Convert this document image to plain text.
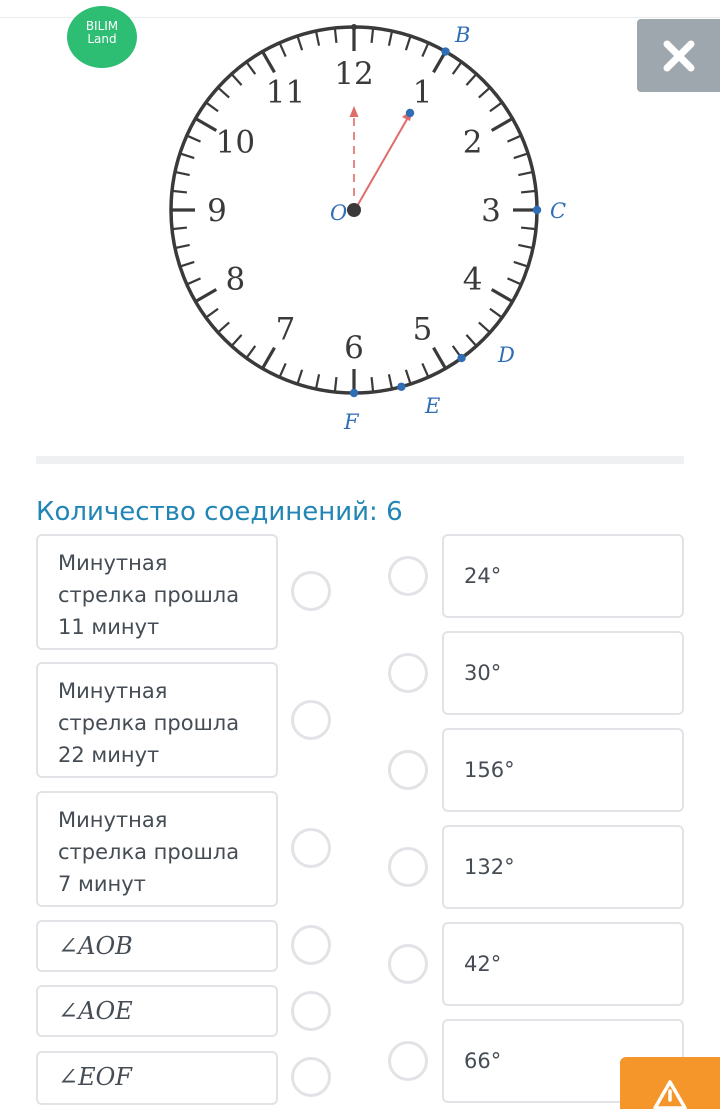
BILIM
Land
12
1
2
3
4
5
6
7
8
9
10
11
O
B
C
D
E
F
Количество соединений: 6
Минутная стрелка прошла 11 минут
Минутная стрелка прошла 22 минут
Минутная стрелка прошла 7 минут
∠AOB
∠AOE
∠EOF
24°
30°
156°
132°
42°
66°
